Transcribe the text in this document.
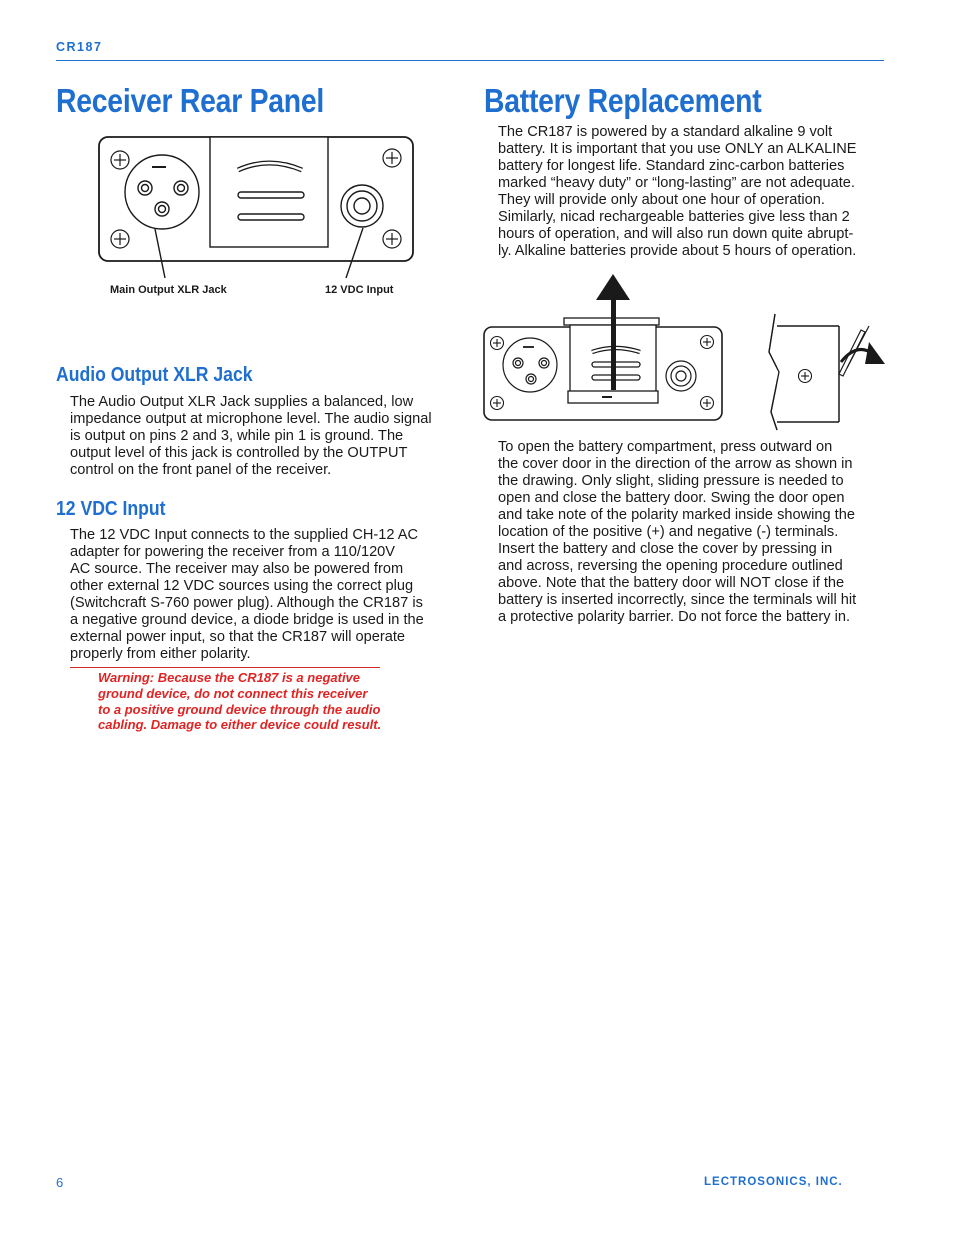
CR187
Receiver Rear Panel
Main Output XLR Jack	12 VDC Input
Audio Output XLR Jack
The Audio Output XLR Jack supplies a balanced, low
impedance output at microphone level. The audio signal
is output on pins 2 and 3, while pin 1 is ground. The
output level of this jack is controlled by the OUTPUT
control on the front panel of the receiver.
12 VDC Input
The 12 VDC Input connects to the supplied CH-12 AC
adapter for powering the receiver from a 110/120V
AC source. The receiver may also be powered from
other external 12 VDC sources using the correct plug
(Switchcraft S-760 power plug). Although the CR187 is
a negative ground device, a diode bridge is used in the
external power input, so that the CR187 will operate
properly from either polarity.
Warning: Because the CR187 is a negative
ground device, do not connect this receiver
to a positive ground device through the audio
cabling. Damage to either device could result.
Battery Replacement
The CR187 is powered by a standard alkaline 9 volt
battery. It is important that you use ONLY an ALKALINE
battery for longest life. Standard zinc-carbon batteries
marked “heavy duty” or “long-lasting” are not adequate.
They will provide only about one hour of operation.
Similarly, nicad rechargeable batteries give less than 2
hours of operation, and will also run down quite abrupt-
ly. Alkaline batteries provide about 5 hours of operation.
To open the battery compartment, press outward on
the cover door in the direction of the arrow as shown in
the drawing. Only slight, sliding pressure is needed to
open and close the battery door. Swing the door open
and take note of the polarity marked inside showing the
location of the positive (+) and negative (-) terminals.
Insert the battery and close the cover by pressing in
and across, reversing the opening procedure outlined
above. Note that the battery door will NOT close if the
battery is inserted incorrectly, since the terminals will hit
a protective polarity barrier. Do not force the battery in.
6	LECTROSONICS, INC.
